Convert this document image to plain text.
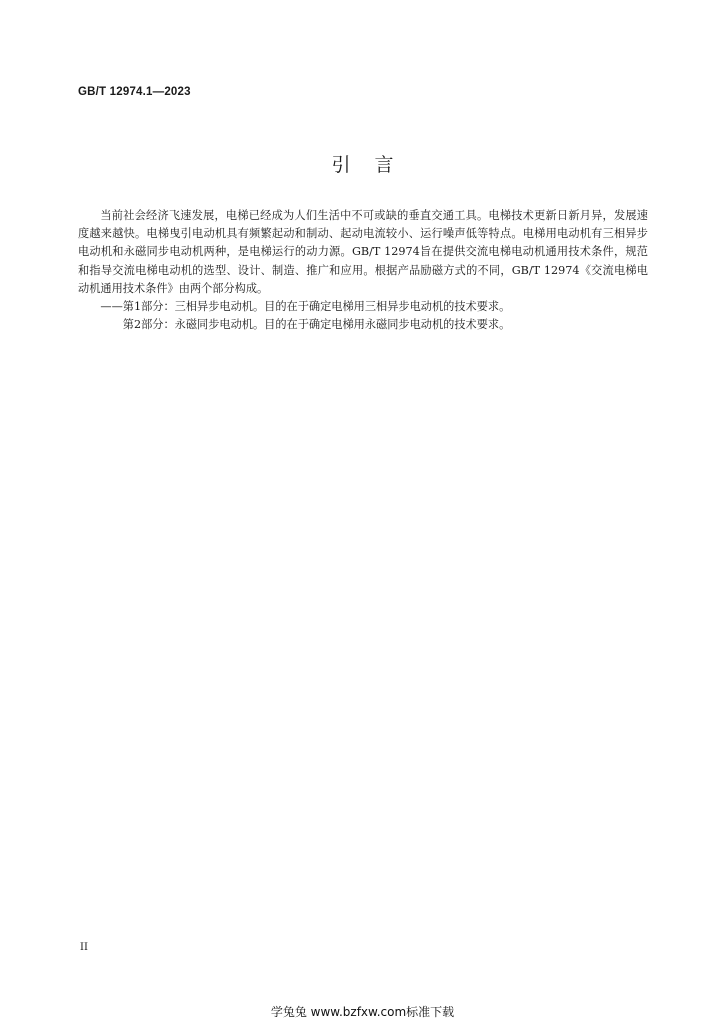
GB/T 12974.1—2023
引言

当前社会经济飞速发展，电梯已经成为人们生活中不可或缺的垂直交通工具。电梯技术更新日新月异，发展速度越来越快。电梯曳引电动机具有频繁起动和制动、起动电流较小、运行噪声低等特点。电梯用电动机有三相异步电动机和永磁同步电动机两种，是电梯运行的动力源。GB/T 12974旨在提供交流电梯电动机通用技术条件，规范和指导交流电梯电动机的选型、设计、制造、推广和应用。根据产品励磁方式的不同，GB/T 12974《交流电梯电动机通用技术条件》由两个部分构成。

——第1部分：三相异步电动机。目的在于确定电梯用三相异步电动机的技术要求。

第2部分：永磁同步电动机。目的在于确定电梯用永磁同步电动机的技术要求。

II
学兔兔 www.bzfxw.com标准下载
